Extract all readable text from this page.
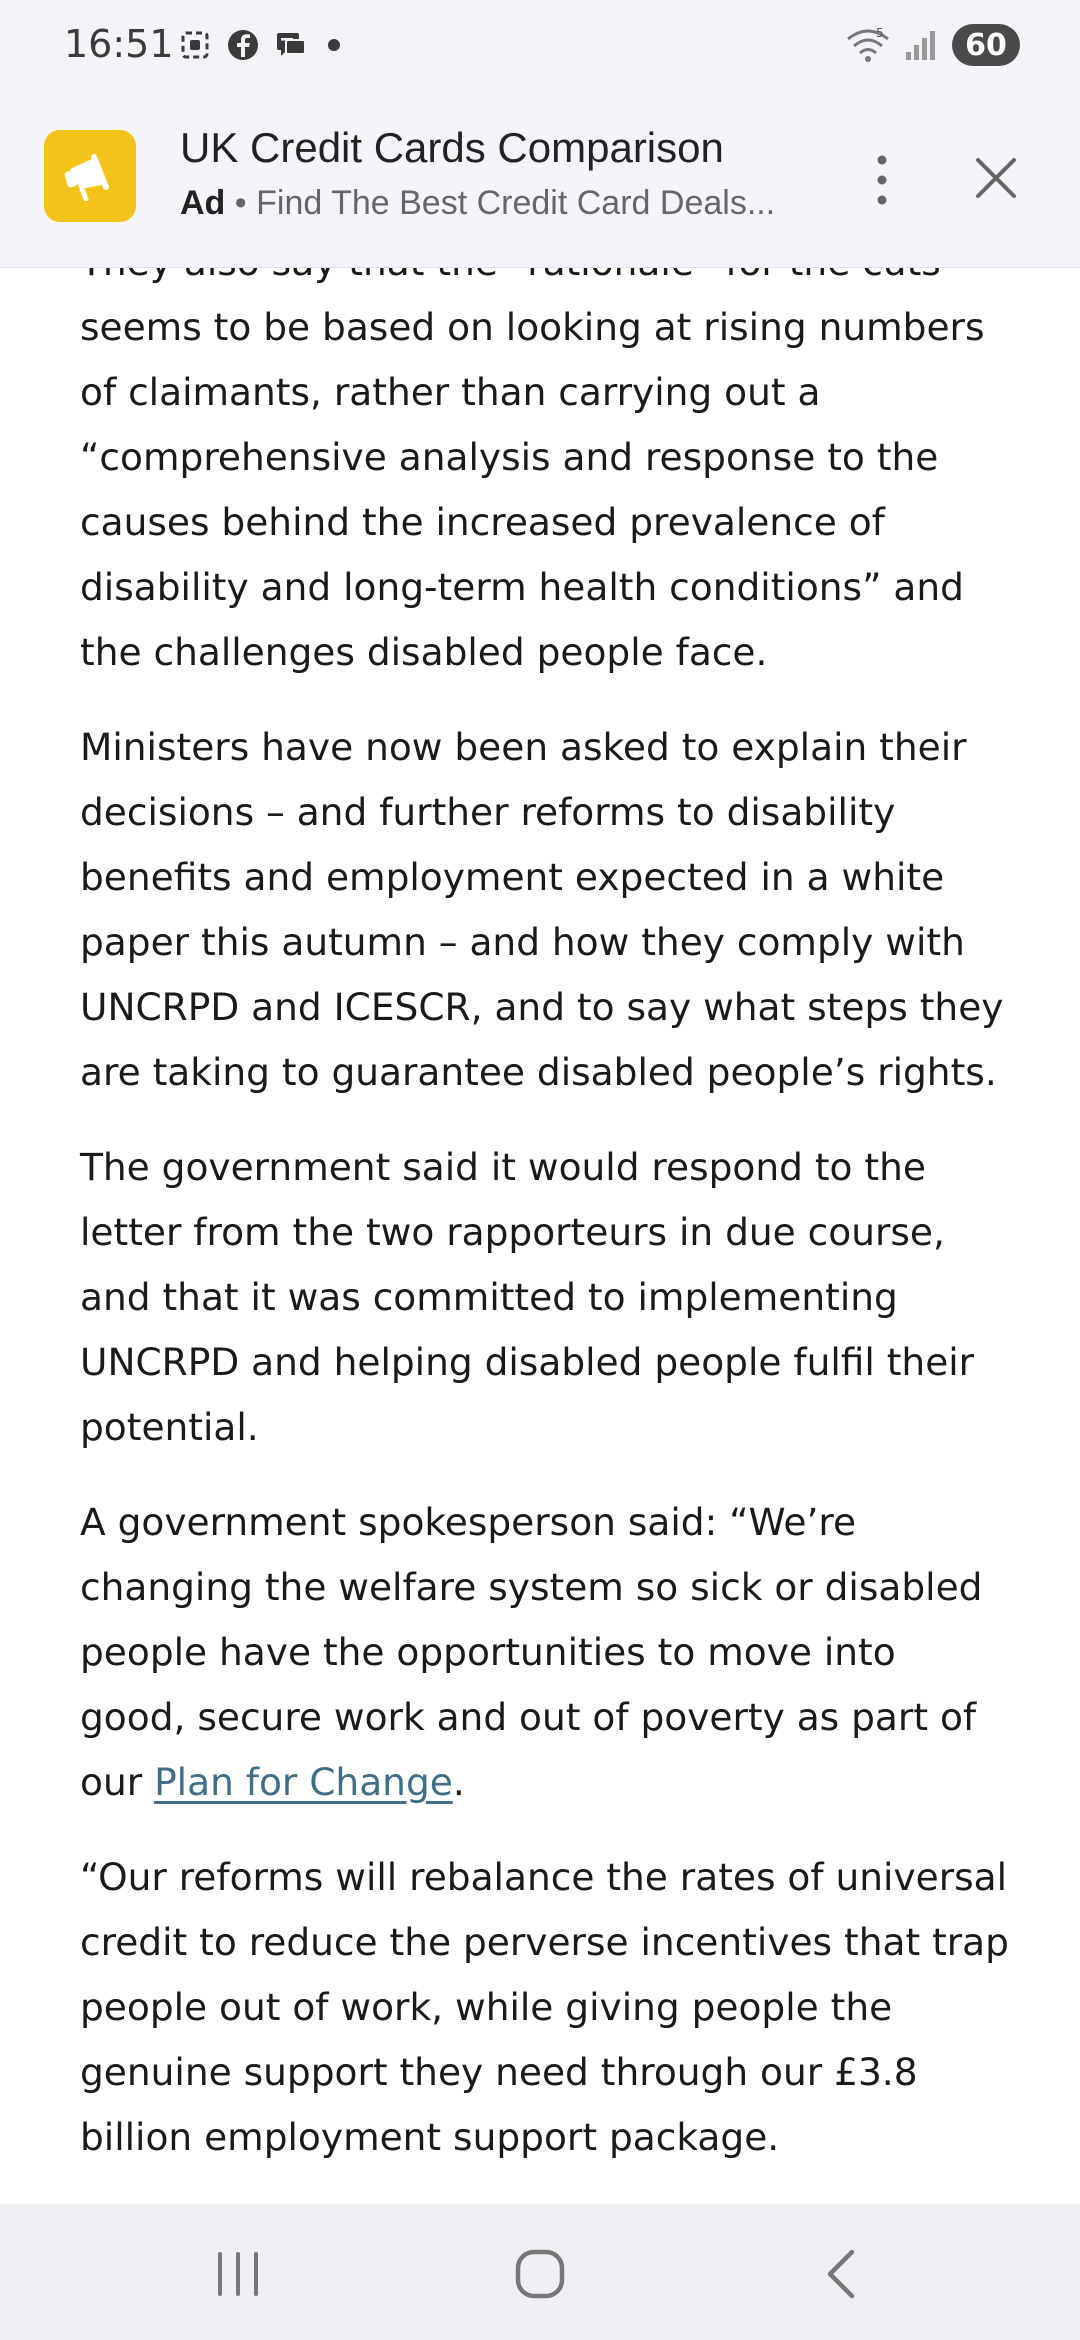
16:51	5	60
UK Credit Cards Comparison
Ad • Find The Best Credit Card Deals...

seems to be based on looking at rising numbers of claimants, rather than carrying out a “comprehensive analysis and response to the causes behind the increased prevalence of disability and long-term health conditions” and the challenges disabled people face.

Ministers have now been asked to explain their decisions – and further reforms to disability benefits and employment expected in a white paper this autumn – and how they comply with UNCRPD and ICESCR, and to say what steps they are taking to guarantee disabled people’s rights.

The government said it would respond to the letter from the two rapporteurs in due course, and that it was committed to implementing UNCRPD and helping disabled people fulfil their potential.

A government spokesperson said: “We’re changing the welfare system so sick or disabled people have the opportunities to move into good, secure work and out of poverty as part of our Plan for Change.

“Our reforms will rebalance the rates of universal credit to reduce the perverse incentives that trap people out of work, while giving people the genuine support they need through our £3.8 billion employment support package.
